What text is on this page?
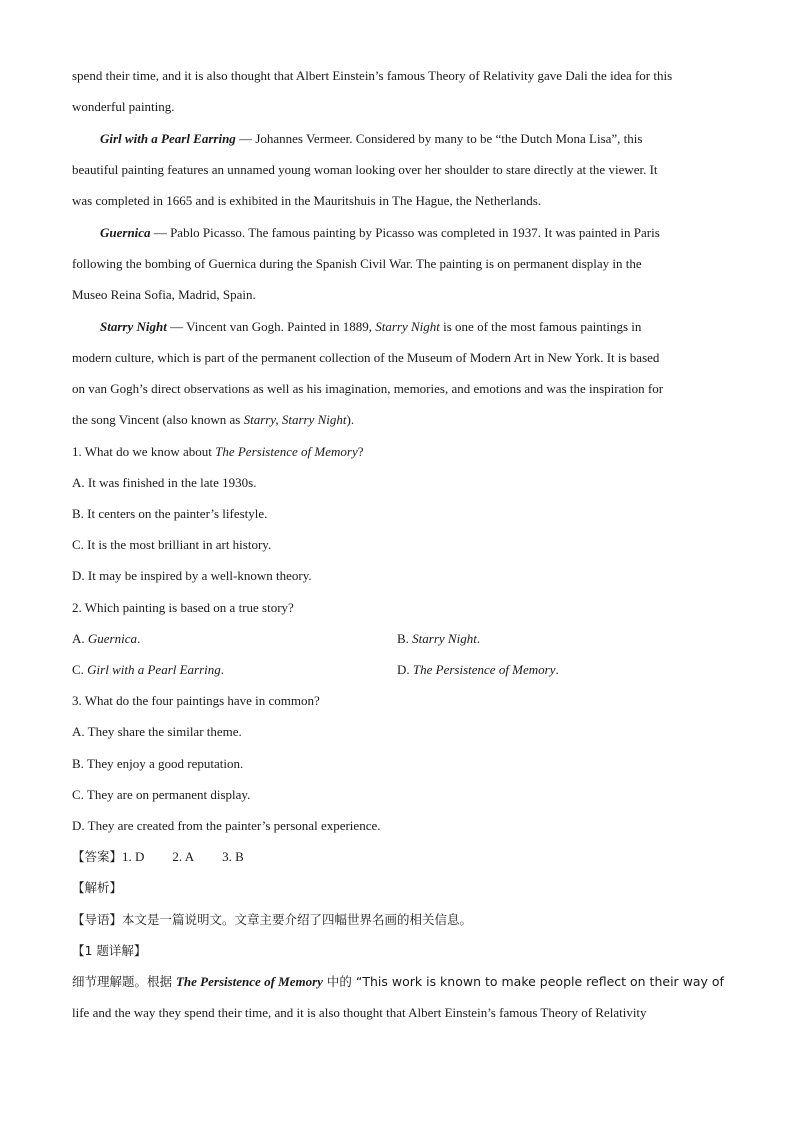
spend their time, and it is also thought that Albert Einstein’s famous Theory of Relativity gave Dali the idea for this
wonderful painting.
Girl with a Pearl Earring — Johannes Vermeer. Considered by many to be “the Dutch Mona Lisa”, this
beautiful painting features an unnamed young woman looking over her shoulder to stare directly at the viewer. It
was completed in 1665 and is exhibited in the Mauritshuis in The Hague, the Netherlands.
Guernica — Pablo Picasso. The famous painting by Picasso was completed in 1937. It was painted in Paris
following the bombing of Guernica during the Spanish Civil War. The painting is on permanent display in the
Museo Reina Sofia, Madrid, Spain.
Starry Night — Vincent van Gogh. Painted in 1889, Starry Night is one of the most famous paintings in
modern culture, which is part of the permanent collection of the Museum of Modern Art in New York. It is based
on van Gogh’s direct observations as well as his imagination, memories, and emotions and was the inspiration for
the song Vincent (also known as Starry, Starry Night).
1. What do we know about The Persistence of Memory?
A. It was finished in the late 1930s.
B. It centers on the painter’s lifestyle.
C. It is the most brilliant in art history.
D. It may be inspired by a well-known theory.
2. Which painting is based on a true story?
A. Guernica.	B. Starry Night.
C. Girl with a Pearl Earring.	D. The Persistence of Memory.
3. What do the four paintings have in common?
A. They share the similar theme.
B. They enjoy a good reputation.
C. They are on permanent display.
D. They are created from the painter’s personal experience.
【答案】1. D 2. A 3. B
【解析】
【导语】本文是一篇说明文。文章主要介绍了四幅世界名画的相关信息。
【1 题详解】
细节理解题。根据 The Persistence of Memory 中的 “This work is known to make people reflect on their way of
life and the way they spend their time, and it is also thought that Albert Einstein’s famous Theory of Relativity
